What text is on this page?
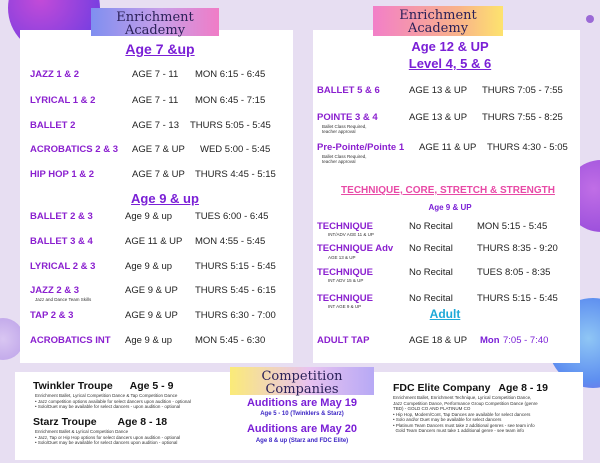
Enrichment Academy
Age 7 &up
JAZZ 1 & 2	AGE 7 - 11 MON 6:15 - 6:45
LYRICAL 1 & 2	AGE 7 - 11 MON 6:45 - 7:15
BALLET 2	AGE 7 - 13 THURS 5:05 - 5:45
ACROBATICS 2 & 3 AGE 7 & UP WED 5:00 - 5:45
HIP HOP 1 & 2	AGE 7 & UP THURS 4:45 - 5:15
Age 9 & up
BALLET 2 & 3	Age 9 & up TUES 6:00 - 6:45
BALLET 3 & 4	AGE 11 & UP MON 4:55 - 5:45
LYRICAL 2 & 3	Age 9 & up THURS 5:15 - 5:45
JAZZ 2 & 3	AGE 9 & UP THURS 5:45 - 6:15
Jazz and Dance Team Skills
TAP 2 & 3	AGE 9 & UP THURS 6:30 - 7:00
ACROBATICS INT Age 9 & up MON 5:45 - 6:30
Enrichment Academy
Age 12 & UP
Level 4, 5 & 6
BALLET 5 & 6	AGE 13 & UP THURS 7:05 - 7:55
POINTE 3 & 4	AGE 13 & UP THURS 7:55 - 8:25
Ballet Class Required, teacher approval
Pre-Pointe/Pointe 1 AGE 11 & UP THURS 4:30 - 5:05
Ballet Class Required, teacher approval
TECHNIQUE, CORE, STRETCH & STRENGTH
Age 9 & UP
TECHNIQUE	No Recital	MON 5:15 - 5:45
INT/ADV AGE 11 & UP
TECHNIQUE Adv No Recital	THURS 8:35 - 9:20
AGE 13 & UP
TECHNIQUE	No Recital	TUES 8:05 - 8:35
INT ADV 15 & UP
TECHNIQUE	No Recital	THURS 5:15 - 5:45
INT AGE 9 & UP
Adult
ADULT TAP	AGE 18 & UP Mon 7:05 - 7:40
Competition Companies
Twinkler Troupe Age 5 - 9
Enrichment Ballet, Lyrical Competition Dance & Tap Competition Dance
• Jazz competition options available for select dancers upon audition - optional
• Solo/Duet may be available for select dancers - upon audition - optional
Starz Troupe Age 8 - 18
Enrichment Ballet & Lyrical Competition Dance
• Jazz, Tap or Hip Hop options for select dancers upon audition - optional
• Solo/Duet may be available for select dancers upon audition - optional
Auditions are May 19
Age 5 - 10 (Twinklers & Starz)
Auditions are May 20
Age 8 & up (Starz and FDC Elite)
FDC Elite Company Age 8 - 19
Enrichment Ballet, Enrichment Technique, Lyrical Competition Dance,
Jazz Competition Dance, Performance Group Competition Dance (genre
TBD) - GOLD CO AND PLATINUM CO
• Hip Hop, Modern/Cont, Tap Dances are available for select dancers
• Solo and/or Duet may be available for select dancers
• Platinum Team Dancers must take 2 additional genres - see team info
Gold Team Dancers must take 1 additional genre - see team info
